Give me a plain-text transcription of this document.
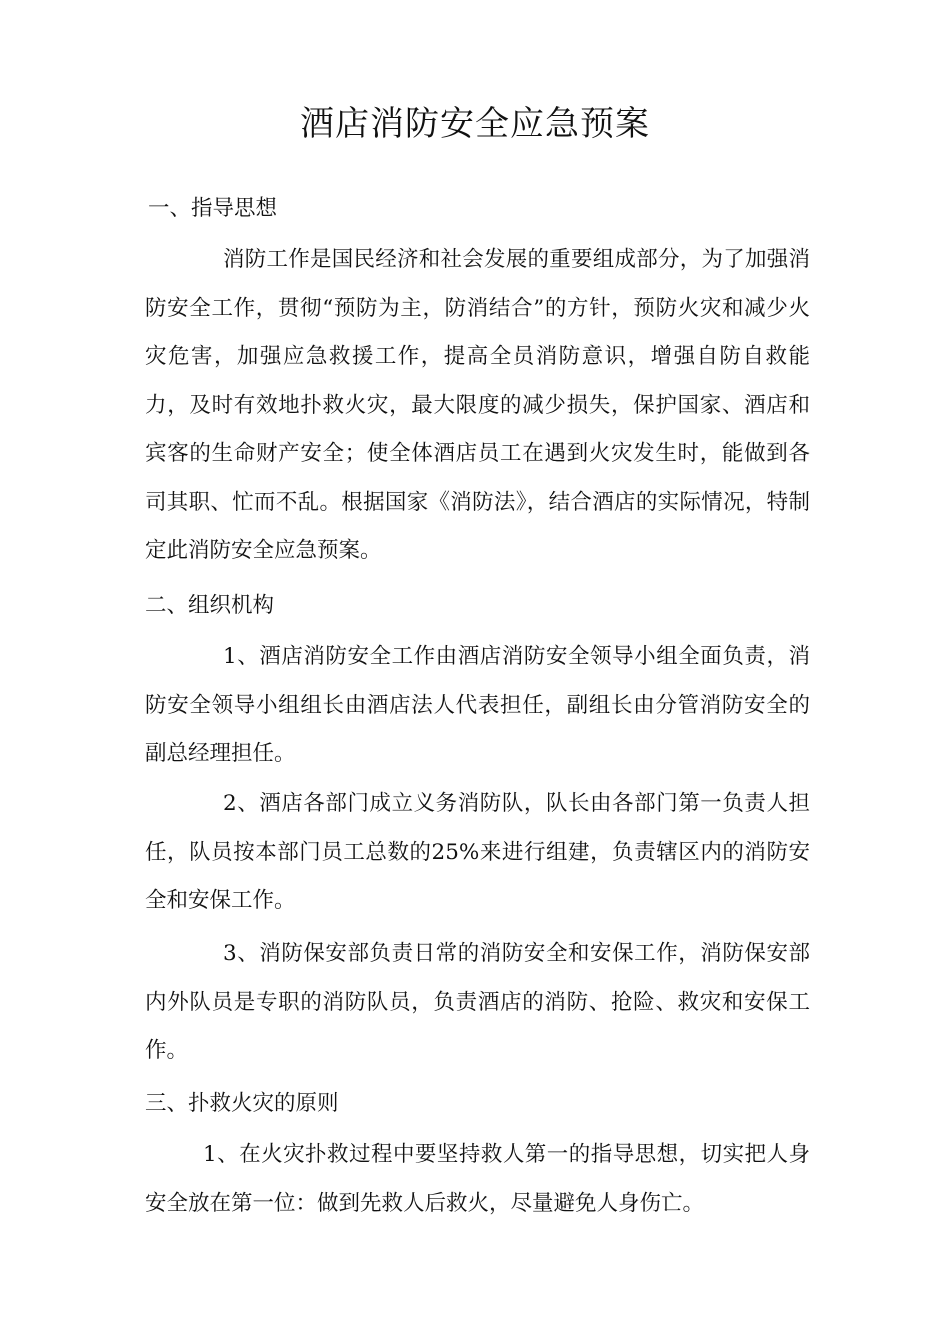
酒店消防安全应急预案

一、指导思想

消防工作是国民经济和社会发展的重要组成部分，为了加强消防安全工作，贯彻“预防为主，防消结合”的方针，预防火灾和减少火灾危害，加强应急救援工作，提高全员消防意识，增强自防自救能力，及时有效地扑救火灾，最大限度的减少损失，保护国家、酒店和宾客的生命财产安全；使全体酒店员工在遇到火灾发生时，能做到各司其职、忙而不乱。根据国家《消防法》，结合酒店的实际情况，特制定此消防安全应急预案。

二、组织机构

1、酒店消防安全工作由酒店消防安全领导小组全面负责，消防安全领导小组组长由酒店法人代表担任，副组长由分管消防安全的副总经理担任。

2、酒店各部门成立义务消防队，队长由各部门第一负责人担任，队员按本部门员工总数的25%来进行组建，负责辖区内的消防安全和安保工作。

3、消防保安部负责日常的消防安全和安保工作，消防保安部内外队员是专职的消防队员，负责酒店的消防、抢险、救灾和安保工作。

三、扑救火灾的原则

1、在火灾扑救过程中要坚持救人第一的指导思想，切实把人身安全放在第一位：做到先救人后救火，尽量避免人身伤亡。
